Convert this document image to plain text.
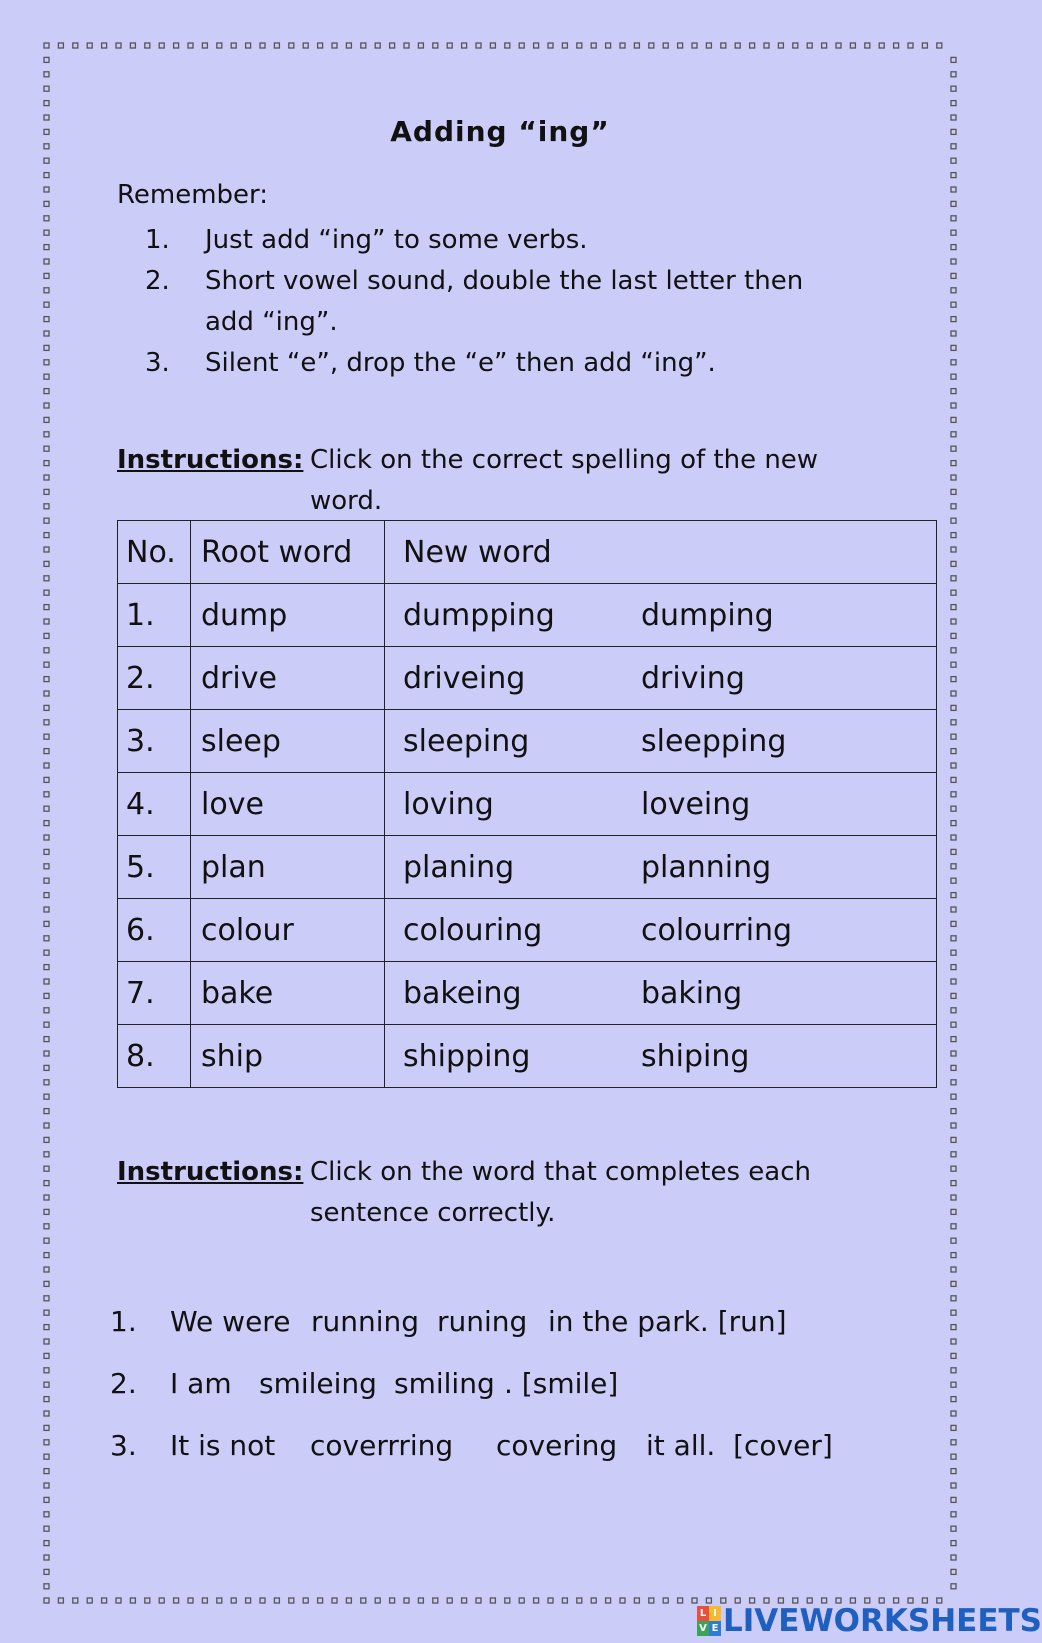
Adding “ing”
Remember:
1.	Just add “ing” to some verbs.
2.	Short vowel sound, double the last letter then add “ing”.
3.	Silent “e”, drop the “e” then add “ing”.
Instructions: Click on the correct spelling of the new word.
No.	Root word	New word
1.	dump	dumpping dumping

2.	drive	driveing driving

3.	sleep	sleeping sleepping

4.	love	loving loveing

5.	plan	planing planning

6.	colour	colouring colourring

7.	bake	bakeing baking

8.	ship	shipping shiping
Instructions: Click on the word that completes each sentence correctly.
1.	We were running runing in the park. [run]
2.	I am smileing smiling . [smile]
3.	It is not	coverrring	covering	it all.  [cover]
L I
V E LIVEWORKSHEETS
